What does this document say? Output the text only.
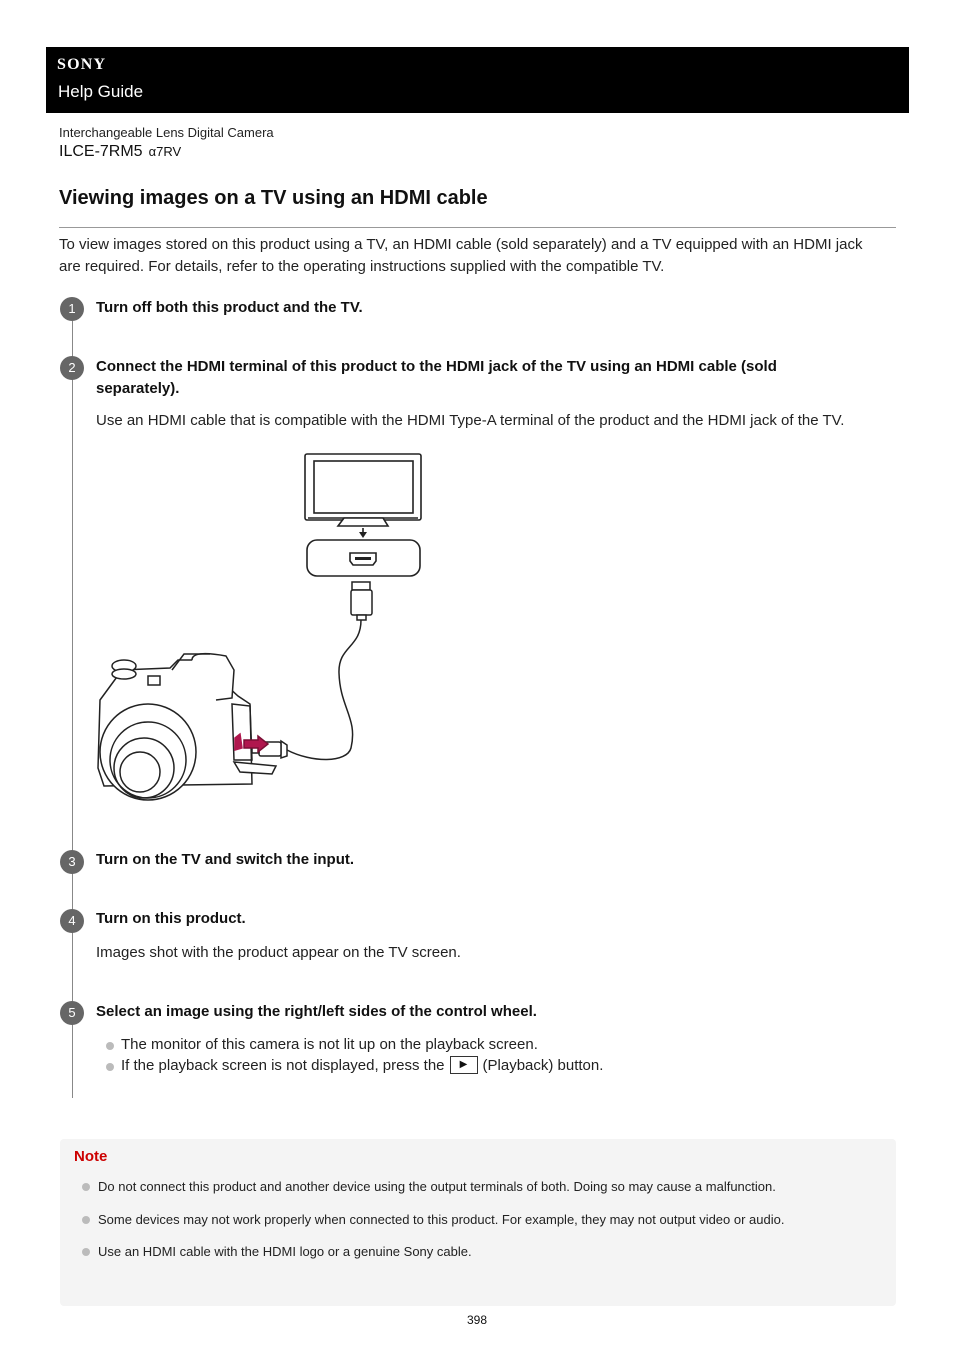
SONY
Help Guide
Interchangeable Lens Digital Camera
ILCE-7RM5 α7RV
Viewing images on a TV using an HDMI cable

To view images stored on this product using a TV, an HDMI cable (sold separately) and a TV equipped with an HDMI jack are required. For details, refer to the operating instructions supplied with the compatible TV.

1	Turn off both this product and the TV.

2	Connect the HDMI terminal of this product to the HDMI jack of the TV using an HDMI cable (sold separately).

Use an HDMI cable that is compatible with the HDMI Type-A terminal of the product and the HDMI jack of the TV.

3	Turn on the TV and switch the input.

4	Turn on this product.

Images shot with the product appear on the TV screen.

5	Select an image using the right/left sides of the control wheel.

The monitor of this camera is not lit up on the playback screen.
If the playback screen is not displayed, press the ▶ (Playback) button.

Note

Do not connect this product and another device using the output terminals of both. Doing so may cause a malfunction.
Some devices may not work properly when connected to this product. For example, they may not output video or audio.
Use an HDMI cable with the HDMI logo or a genuine Sony cable.
398
